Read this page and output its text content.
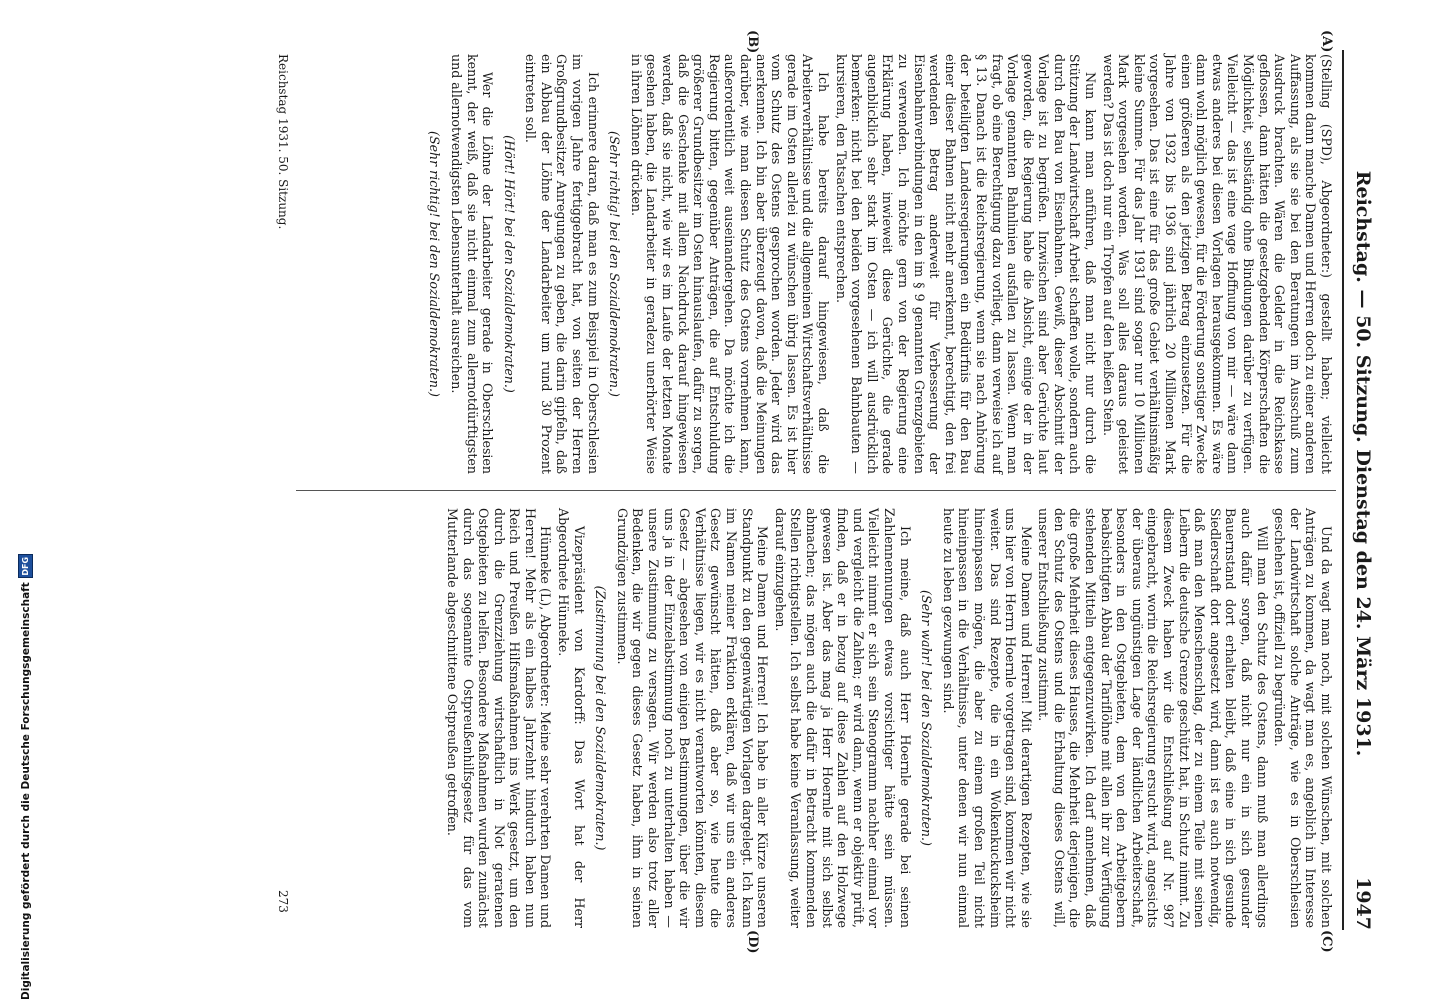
Reichstag. — 50. Sitzung. Dienstag den 24. März 1931.
1947
(A)
(B)
(C)
(D)

(Stelling (SPD), Abgeordneter:) gestellt haben; vielleicht kommen dann manche Damen und Herren doch zu einer anderen Auffassung, als sie sie bei den Beratungen im Ausschuß zum Ausdruck brachten. Wären die Gelder in die Reichskasse geflossen, dann hätten die gesetzgebenden Körperschaften die Möglichkeit, selbständig ohne Bindungen darüber zu verfügen. Vielleicht — das ist eine vage Hoffnung von mir — wäre dann etwas anderes bei diesen Vorlagen herausgekommen. Es wäre dann wohl möglich gewesen, für die Förderung sonstiger Zwecke einen größeren als den jetzigen Betrag einzusetzen. Für die Jahre von 1932 bis 1936 sind jährlich 20 Millionen Mark vorgesehen. Das ist eine für das große Gebiet verhältnismäßig kleine Summe. Für das Jahr 1931 sind sogar nur 10 Millionen Mark vorgesehen worden. Was soll alles daraus geleistet werden? Das ist doch nur ein Tropfen auf den heißen Stein.

Nun kann man anführen, daß man nicht nur durch die Stützung der Landwirtschaft Arbeit schaffen wolle, sondern auch durch den Bau von Eisenbahnen. Gewiß, dieser Abschnitt der Vorlage ist zu begrüßen. Inzwischen sind aber Gerüchte laut geworden, die Regierung habe die Absicht, einige der in der Vorlage genannten Bahnlinien ausfallen zu lassen. Wenn man fragt, ob eine Berechtigung dazu vorliegt, dann verweise ich auf § 13. Danach ist die Reichsregierung, wenn sie nach Anhörung der beteiligten Landesregierungen ein Bedürfnis für den Bau einer dieser Bahnen nicht mehr anerkennt, berechtigt, den frei werdenden Betrag anderweit für Verbesserung der Eisenbahnverbindungen in den im § 9 genannten Grenzgebieten zu verwenden. Ich möchte gern von der Regierung eine Erklärung haben, inwieweit diese Gerüchte, die gerade augenblicklich sehr stark im Osten — ich will ausdrücklich bemerken: nicht bei den beiden vorgesehenen Bahnbauten — kursieren, den Tatsachen entsprechen.

Ich habe bereits darauf hingewiesen, daß die Arbeiterverhältnisse und die allgemeinen Wirtschaftsverhältnisse gerade im Osten allerlei zu wünschen übrig lassen. Es ist hier vom Schutz des Ostens gesprochen worden. Jeder wird das anerkennen. Ich bin aber überzeugt davon, daß die Meinungen darüber, wie man diesen Schutz des Ostens vornehmen kann, außerordentlich weit auseinandergehen. Da möchte ich die Regierung bitten, gegenüber Anträgen, die auf Entschuldung größerer Grundbesitzer im Osten hinauslaufen, dafür zu sorgen, daß die Geschenke mit allem Nachdruck darauf hingewiesen werden, daß sie nicht, wie wir es im Laufe der letzten Monate gesehen haben, die Landarbeiter in geradezu unerhörter Weise in ihren Löhnen drücken.

(Sehr richtig! bei den Sozialdemokraten.)

Ich erinnere daran, daß man es zum Beispiel in Oberschlesien im vorigen Jahre fertiggebracht hat, von seiten der Herren Großgrundbesitzer Anregungen zu geben, die darin gipfeln, daß ein Abbau der Löhne der Landarbeiter um rund 30 Prozent eintreten soll.

(Hört! Hört! bei den Sozialdemokraten.)

Wer die Löhne der Landarbeiter gerade in Oberschlesien kennt, der weiß, daß sie nicht einmal zum allernotdürftigsten und allernotwendigsten Lebensunterhalt ausreichen.

(Sehr richtig! bei den Sozialdemokraten.)

Und da wagt man noch, mit solchen Wünschen, mit solchen Anträgen zu kommen, da wagt man es, angeblich im Interesse der Landwirtschaft solche Anträge, wie es in Oberschlesien geschehen ist, offiziell zu begründen.

Will man den Schutz des Ostens, dann muß man allerdings auch dafür sorgen, daß nicht nur ein in sich gesunder Bauernstand dort erhalten bleibt, daß eine in sich gesunde Siedlerschaft dort angesetzt wird, dann ist es auch notwendig, daß man den Menschenschlag, der zu einem Teile mit seinen Leibern die deutsche Grenze geschützt hat, in Schutz nimmt. Zu diesem Zweck haben wir die Entschließung auf Nr. 987 eingebracht, worin die Reichsregierung ersucht wird, angesichts der überaus ungünstigen Lage der ländlichen Arbeiterschaft, besonders in den Ostgebieten, dem von den Arbeitgebern beabsichtigten Abbau der Tariflöhne mit allen ihr zur Verfügung stehenden Mitteln entgegenzuwirken. Ich darf annehmen, daß die große Mehrheit dieses Hauses, die Mehrheit derjenigen, die den Schutz des Ostens und die Erhaltung dieses Ostens will, unserer Entschließung zustimmt.

Meine Damen und Herren! Mit derartigen Rezepten, wie sie uns hier von Herrn Hoernle vorgetragen sind, kommen wir nicht weiter. Das sind Rezepte, die in ein Wolkenkuckucksheim hineinpassen mögen, die aber zu einem großen Teil nicht hineinpassen in die Verhältnisse, unter denen wir nun einmal heute zu leben gezwungen sind.

(Sehr wahr! bei den Sozialdemokraten.)

Ich meine, daß auch Herr Hoernle gerade bei seinen Zahlennennungen etwas vorsichtiger hätte sein müssen. Vielleicht nimmt er sich sein Stenogramm nachher einmal vor und vergleicht die Zahlen; er wird dann, wenn er objektiv prüft, finden, daß er in bezug auf diese Zahlen auf den Holzwege gewesen ist. Aber das mag ja Herr Hoernle mit sich selbst abmachen; das mögen auch die dafür in Betracht kommenden Stellen richtigstellen. Ich selbst habe keine Veranlassung, weiter darauf einzugehen.

Meine Damen und Herren! Ich habe in aller Kürze unseren Standpunkt zu den gegenwärtigen Vorlagen dargelegt. Ich kann im Namen meiner Fraktion erklären, daß wir uns ein anderes Gesetz gewünscht hätten, daß aber so, wie heute die Verhältnisse liegen, wir es nicht verantworten könnten, diesem Gesetz — abgesehen von einigen Bestimmungen, über die wir uns ja in der Einzelabstimmung noch zu unterhalten haben — unsere Zustimmung zu versagen. Wir werden also trotz aller Bedenken, die wir gegen dieses Gesetz haben, ihm in seinen Grundzügen zustimmen.

(Zustimmung bei den Sozialdemokraten.)

Vizepräsident von Kardorff: Das Wort hat der Herr Abgeordnete Hünneke.

Hünneke (L), Abgeordneter: Meine sehr verehrten Damen und Herren! Mehr als ein halbes Jahrzehnt hindurch haben nun Reich und Preußen Hilfsmaßnahmen ins Werk gesetzt, um den durch die Grenzziehung wirtschaftlich in Not geratenen Ostgebieten zu helfen. Besondere Maßnahmen wurden zunächst durch das sogenannte Ostpreußenhilfsgesetz für das vom Mutterlande abgeschnittene Ostpreußen getroffen.

Reichstag 1931. 50. Sitzung.
273
Digitalisierung gefördert durch die Deutsche Forschungsgemeinschaft
DFG
